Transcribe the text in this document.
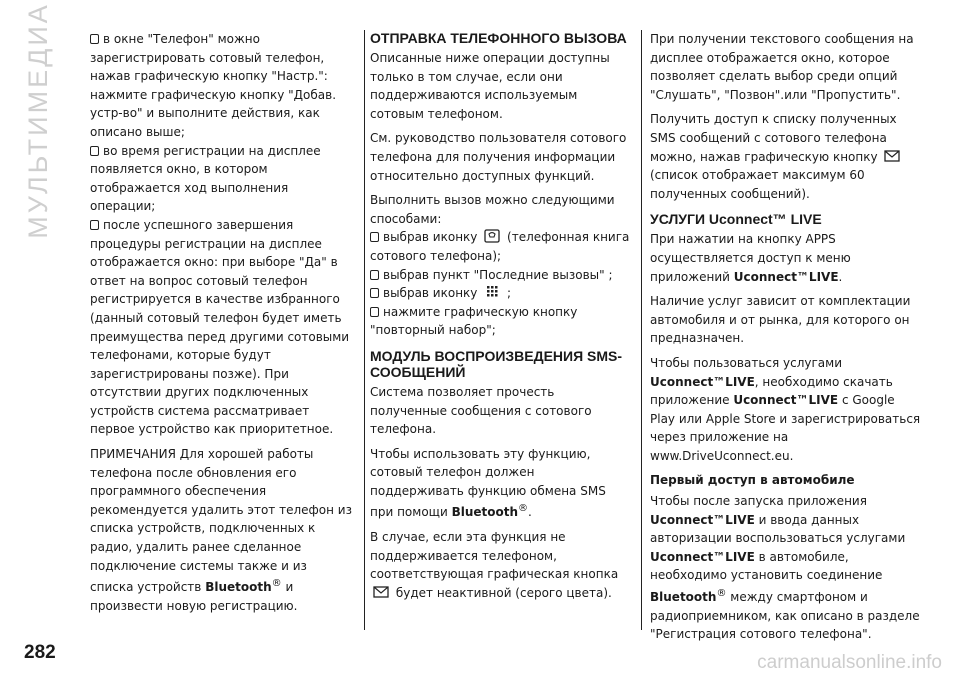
МУЛЬТИМЕДИА	в окне "Телефон" можно зарегистрировать сотовый телефон, нажав графическую кнопку "Настр.": нажмите графическую кнопку "Добав. устр-во" и выполните действия, как описано выше;

во время регистрации на дисплее появляется окно, в котором отображается ход выполнения операции;

после успешного завершения процедуры регистрации на дисплее отображается окно: при выборе "Да" в ответ на вопрос сотовый телефон регистрируется в качестве избранного (данный сотовый телефон будет иметь преимущества перед другими сотовыми телефонами, которые будут зарегистрированы позже). При отсутствии других подключенных устройств система рассматривает первое устройство как приоритетное.

ПРИМЕЧАНИЯ Для хорошей работы телефона после обновления его программного обеспечения рекомендуется удалить этот телефон из списка устройств, подключенных к радио, удалить ранее сделанное подключение системы также и из списка устройств Bluetooth® и произвести новую регистрацию.

ОТПРАВКА ТЕЛЕФОННОГО ВЫЗОВА

Описанные ниже операции доступны только в том случае, если они поддерживаются используемым сотовым телефоном.

См. руководство пользователя сотового телефона для получения информации относительно доступных функций.

Выполнить вызов можно следующими способами:

выбрав иконку (телефонная книга сотового телефона);

выбрав пункт "Последние вызовы" ;

выбрав иконку ;

нажмите графическую кнопку "повторный набор";

МОДУЛЬ ВОСПРОИЗВЕДЕНИЯ SMS-СООБЩЕНИЙ

Система позволяет прочесть полученные сообщения с сотового телефона.

Чтобы использовать эту функцию, сотовый телефон должен поддерживать функцию обмена SMS при помощи Bluetooth®.

В случае, если эта функция не поддерживается телефоном, соответствующая графическая кнопка  будет неактивной (серого цвета).

При получении текстового сообщения на дисплее отображается окно, которое позволяет сделать выбор среди опций "Слушать", "Позвон".или "Пропустить".

Получить доступ к списку полученных SMS сообщений с сотового телефона можно, нажав графическую кнопку  (список отображает максимум 60 полученных сообщений).

УСЛУГИ Uconnect™ LIVE

При нажатии на кнопку APPS осуществляется доступ к меню приложений Uconnect™LIVE.

Наличие услуг зависит от комплектации автомобиля и от рынка, для которого он предназначен.

Чтобы пользоваться услугами Uconnect™LIVE, необходимо скачать приложение Uconnect™LIVE с Google Play или Apple Store и зарегистрироваться через приложение на www.DriveUconnect.eu.

Первый доступ в автомобиле

Чтобы после запуска приложения Uconnect™LIVE и ввода данных авторизации воспользоваться услугами Uconnect™LIVE в автомобиле, необходимо установить соединение Bluetooth® между смартфоном и радиоприемником, как описано в разделе "Регистрация сотового телефона".

282	carmanualsonline.info
